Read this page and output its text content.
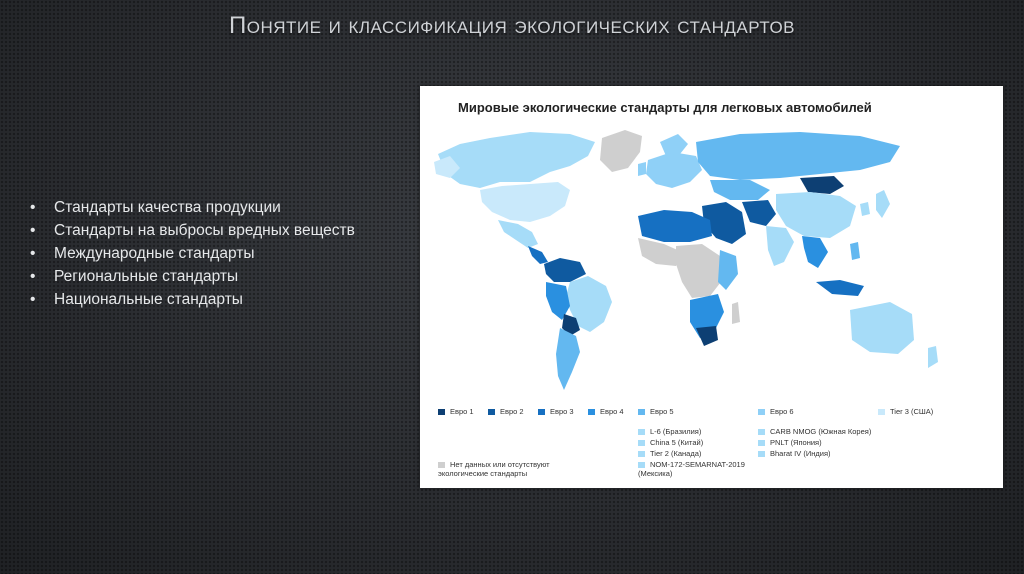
Понятие и классификация экологических стандартов
• Стандарты качества продукции
• Стандарты на выбросы вредных веществ
• Международные стандарты
• Региональные стандарты
• Национальные стандарты
Мировые экологические стандарты для легковых автомобилей
Евро 1	Евро 2	Евро 3	Евро 4	Евро 5	Евро 6	Tier 3 (США)
L-6 (Бразилия)
China 5 (Китай)
Tier 2 (Канада)
NOM-172-SEMARNAT-2019 (Мексика)
CARB NMOG (Южная Корея)
PNLT (Япония)
Bharat IV (Индия)
Нет данных или отсутствуют экологические стандарты
